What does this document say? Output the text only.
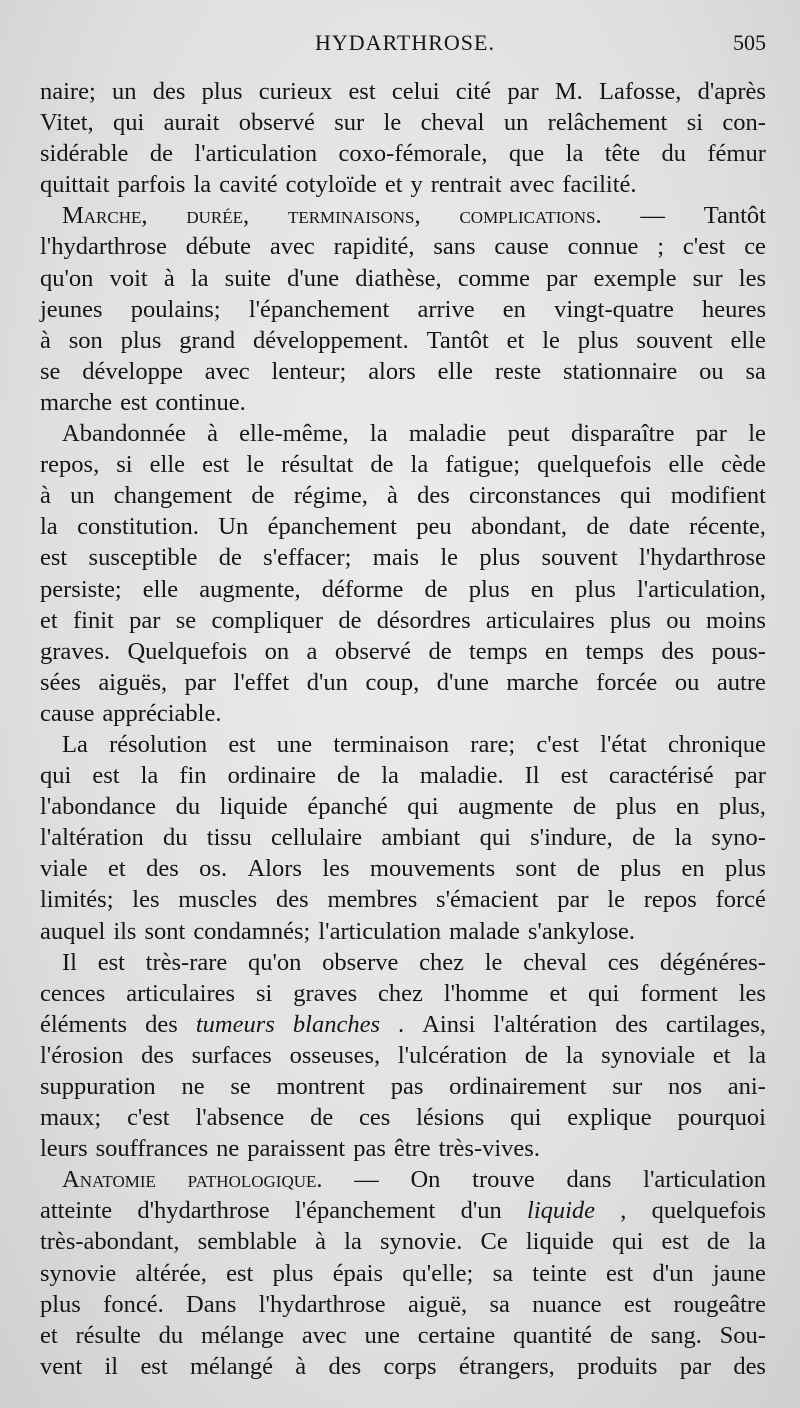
HYDARTHROSE.	505
naire; un des plus curieux est celui cité par M. Lafosse, d'après
Vitet, qui aurait observé sur le cheval un relâchement si con-
sidérable de l'articulation coxo-fémorale, que la tête du fémur
quittait parfois la cavité cotyloïde et y rentrait avec facilité.
Marche, durée, terminaisons, complications. — Tantôt
l'hydarthrose débute avec rapidité, sans cause connue ; c'est ce
qu'on voit à la suite d'une diathèse, comme par exemple sur les
jeunes poulains; l'épanchement arrive en vingt-quatre heures
à son plus grand développement. Tantôt et le plus souvent elle
se développe avec lenteur; alors elle reste stationnaire ou sa
marche est continue.
Abandonnée à elle-même, la maladie peut disparaître par le
repos, si elle est le résultat de la fatigue; quelquefois elle cède
à un changement de régime, à des circonstances qui modifient
la constitution. Un épanchement peu abondant, de date récente,
est susceptible de s'effacer; mais le plus souvent l'hydarthrose
persiste; elle augmente, déforme de plus en plus l'articulation,
et finit par se compliquer de désordres articulaires plus ou moins
graves. Quelquefois on a observé de temps en temps des pous-
sées aiguës, par l'effet d'un coup, d'une marche forcée ou autre
cause appréciable.
La résolution est une terminaison rare; c'est l'état chronique
qui est la fin ordinaire de la maladie. Il est caractérisé par
l'abondance du liquide épanché qui augmente de plus en plus,
l'altération du tissu cellulaire ambiant qui s'indure, de la syno-
viale et des os. Alors les mouvements sont de plus en plus
limités; les muscles des membres s'émacient par le repos forcé
auquel ils sont condamnés; l'articulation malade s'ankylose.
Il est très-rare qu'on observe chez le cheval ces dégénéres-
cences articulaires si graves chez l'homme et qui forment les
éléments des tumeurs blanches . Ainsi l'altération des cartilages,
l'érosion des surfaces osseuses, l'ulcération de la synoviale et la
suppuration ne se montrent pas ordinairement sur nos ani-
maux; c'est l'absence de ces lésions qui explique pourquoi
leurs souffrances ne paraissent pas être très-vives.
Anatomie pathologique. — On trouve dans l'articulation
atteinte d'hydarthrose l'épanchement d'un liquide , quelquefois
très-abondant, semblable à la synovie. Ce liquide qui est de la
synovie altérée, est plus épais qu'elle; sa teinte est d'un jaune
plus foncé. Dans l'hydarthrose aiguë, sa nuance est rougeâtre
et résulte du mélange avec une certaine quantité de sang. Sou-
vent il est mélangé à des corps étrangers, produits par des
